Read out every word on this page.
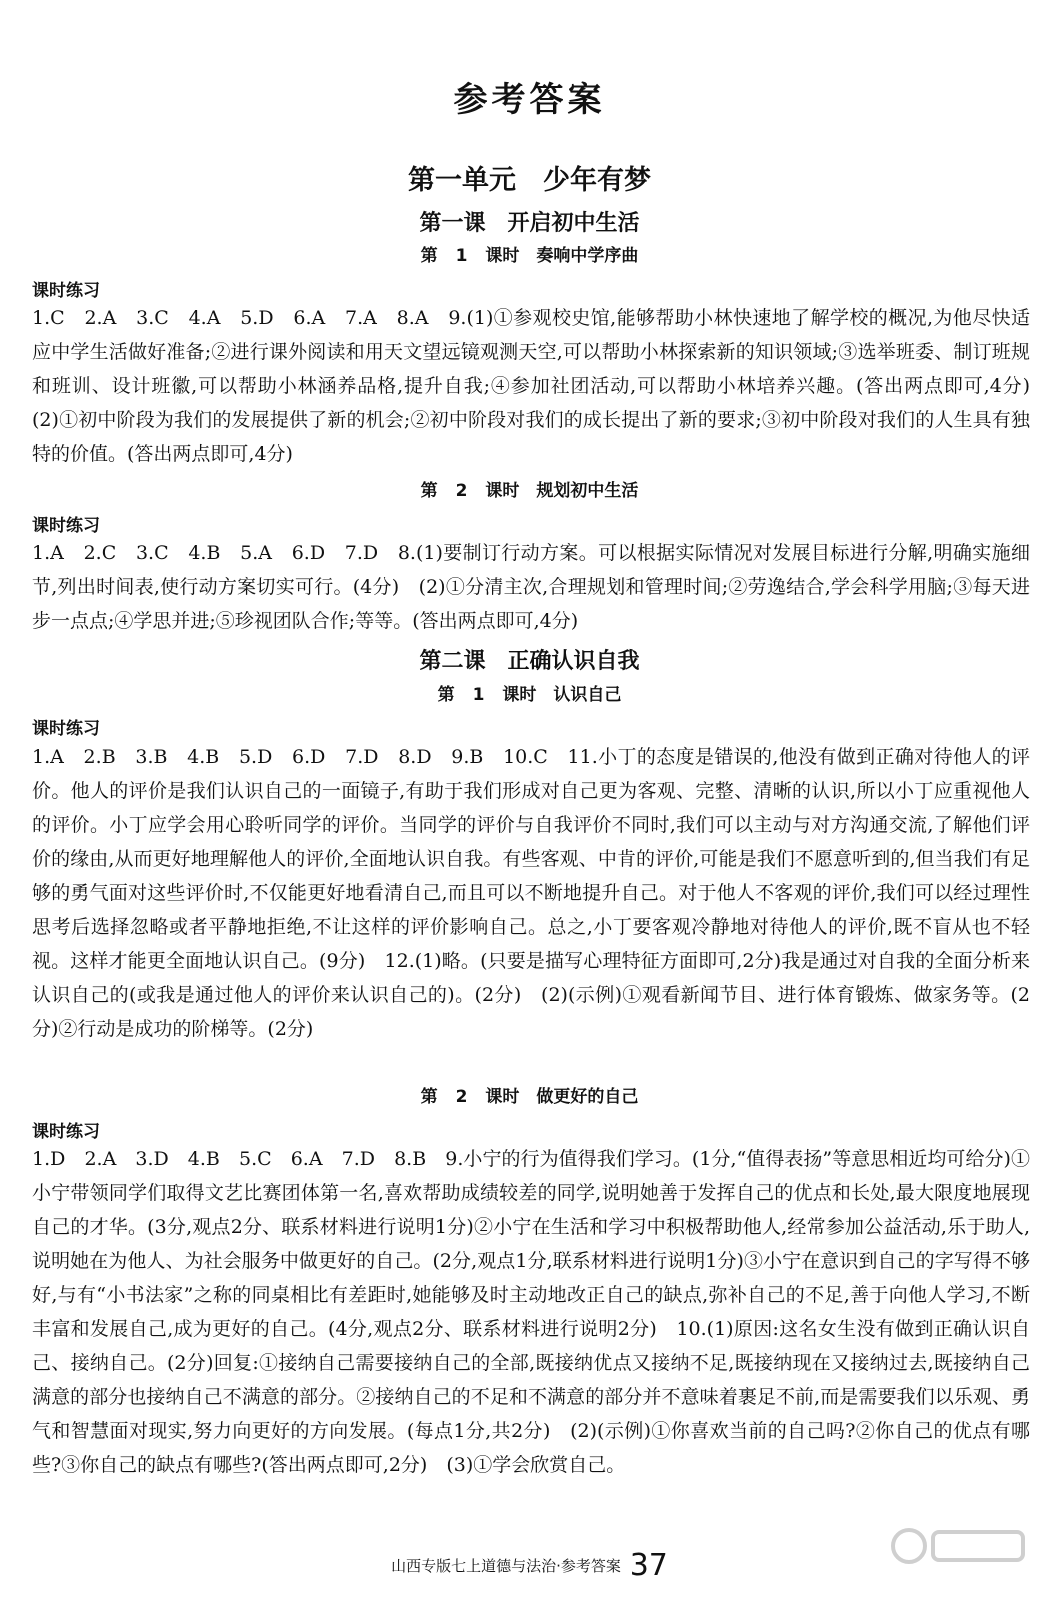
参考答案
第一单元　少年有梦
第一课　开启初中生活
第 1 课时　奏响中学序曲
课时练习
1.C　2.A　3.C　4.A　5.D　6.A　7.A　8.A　9.(1)①参观校史馆,能够帮助小林快速地了解学校的概况,为他尽快适应中学生活做好准备;②进行课外阅读和用天文望远镜观测天空,可以帮助小林探索新的知识领域;③选举班委、制订班规和班训、设计班徽,可以帮助小林涵养品格,提升自我;④参加社团活动,可以帮助小林培养兴趣。(答出两点即可,4分)　(2)①初中阶段为我们的发展提供了新的机会;②初中阶段对我们的成长提出了新的要求;③初中阶段对我们的人生具有独特的价值。(答出两点即可,4分)
第 2 课时　规划初中生活
课时练习
1.A　2.C　3.C　4.B　5.A　6.D　7.D　8.(1)要制订行动方案。可以根据实际情况对发展目标进行分解,明确实施细节,列出时间表,使行动方案切实可行。(4分)　(2)①分清主次,合理规划和管理时间;②劳逸结合,学会科学用脑;③每天进步一点点;④学思并进;⑤珍视团队合作;等等。(答出两点即可,4分)
第二课　正确认识自我
第 1 课时　认识自己
课时练习
1.A　2.B　3.B　4.B　5.D　6.D　7.D　8.D　9.B　10.C　11.小丁的态度是错误的,他没有做到正确对待他人的评价。他人的评价是我们认识自己的一面镜子,有助于我们形成对自己更为客观、完整、清晰的认识,所以小丁应重视他人的评价。小丁应学会用心聆听同学的评价。当同学的评价与自我评价不同时,我们可以主动与对方沟通交流,了解他们评价的缘由,从而更好地理解他人的评价,全面地认识自我。有些客观、中肯的评价,可能是我们不愿意听到的,但当我们有足够的勇气面对这些评价时,不仅能更好地看清自己,而且可以不断地提升自己。对于他人不客观的评价,我们可以经过理性思考后选择忽略或者平静地拒绝,不让这样的评价影响自己。总之,小丁要客观冷静地对待他人的评价,既不盲从也不轻视。这样才能更全面地认识自己。(9分)　12.(1)略。(只要是描写心理特征方面即可,2分)我是通过对自我的全面分析来认识自己的(或我是通过他人的评价来认识自己的)。(2分)　(2)(示例)①观看新闻节目、进行体育锻炼、做家务等。(2分)②行动是成功的阶梯等。(2分)
第 2 课时　做更好的自己
课时练习
1.D　2.A　3.D　4.B　5.C　6.A　7.D　8.B　9.小宁的行为值得我们学习。(1分,“值得表扬”等意思相近均可给分)①小宁带领同学们取得文艺比赛团体第一名,喜欢帮助成绩较差的同学,说明她善于发挥自己的优点和长处,最大限度地展现自己的才华。(3分,观点2分、联系材料进行说明1分)②小宁在生活和学习中积极帮助他人,经常参加公益活动,乐于助人,说明她在为他人、为社会服务中做更好的自己。(2分,观点1分,联系材料进行说明1分)③小宁在意识到自己的字写得不够好,与有“小书法家”之称的同桌相比有差距时,她能够及时主动地改正自己的缺点,弥补自己的不足,善于向他人学习,不断丰富和发展自己,成为更好的自己。(4分,观点2分、联系材料进行说明2分)　10.(1)原因:这名女生没有做到正确认识自己、接纳自己。(2分)回复:①接纳自己需要接纳自己的全部,既接纳优点又接纳不足,既接纳现在又接纳过去,既接纳自己满意的部分也接纳自己不满意的部分。②接纳自己的不足和不满意的部分并不意味着裹足不前,而是需要我们以乐观、勇气和智慧面对现实,努力向更好的方向发展。(每点1分,共2分)　(2)(示例)①你喜欢当前的自己吗?②你自己的优点有哪些?③你自己的缺点有哪些?(答出两点即可,2分)　(3)①学会欣赏自己。
山西专版七上道德与法治·参考答案 37
